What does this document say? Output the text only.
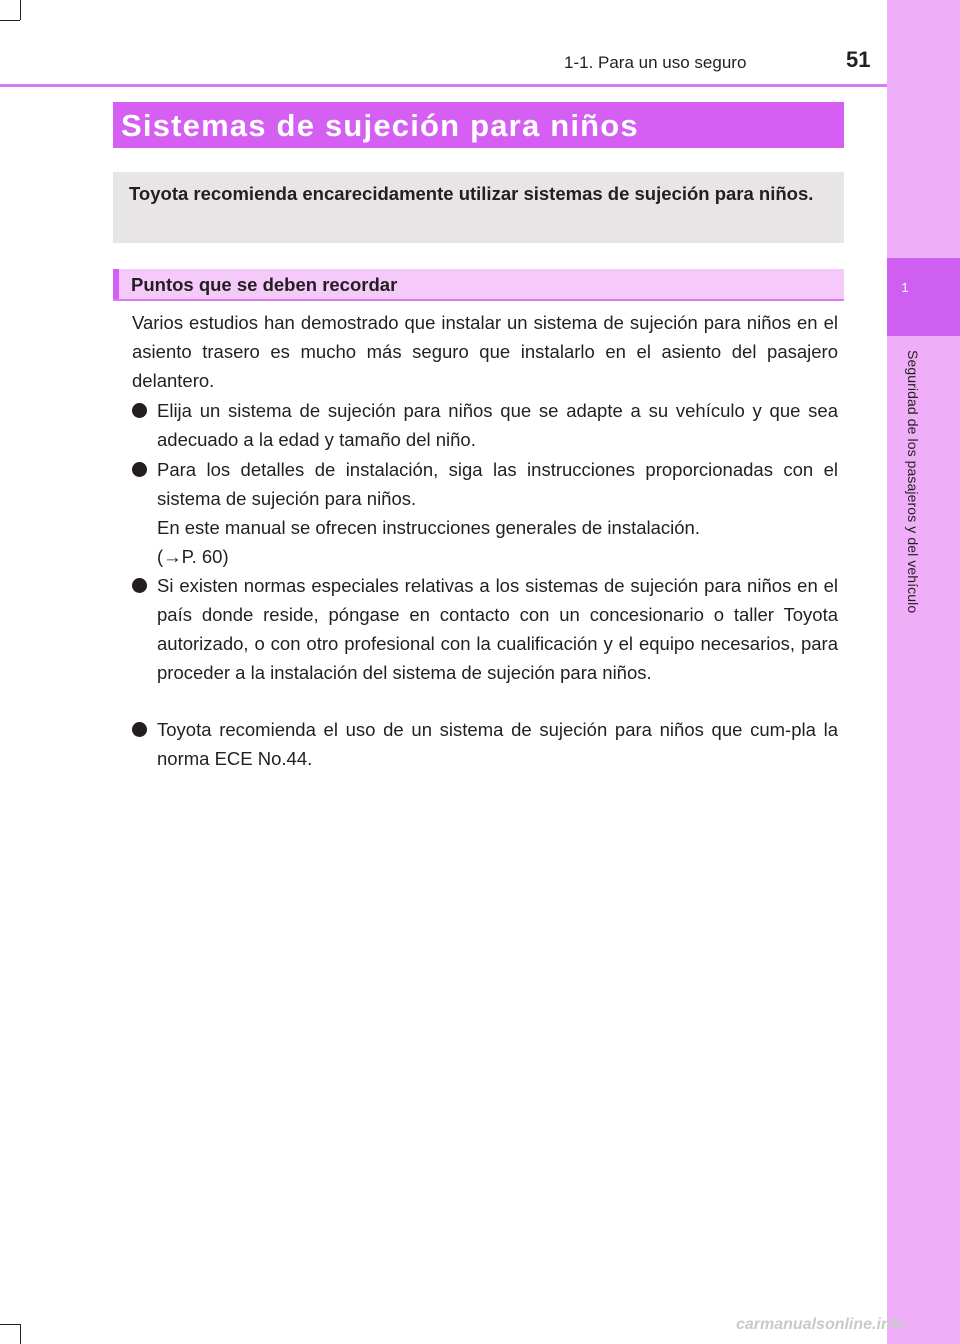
1
Seguridad de los pasajeros y del vehículo
1-1. Para un uso seguro	51
Sistemas de sujeción para niños
Toyota recomienda encarecidamente utilizar sistemas de sujeción para niños.
Puntos que se deben recordar
Varios estudios han demostrado que instalar un sistema de sujeción para niños en el asiento trasero es mucho más seguro que instalarlo en el asiento del pasajero delantero.
Elija un sistema de sujeción para niños que se adapte a su vehículo y que sea adecuado a la edad y tamaño del niño.
Para los detalles de instalación, siga las instrucciones proporcionadas con el sistema de sujeción para niños.
En este manual se ofrecen instrucciones generales de instalación.
(→P. 60)
Si existen normas especiales relativas a los sistemas de sujeción para niños en el país donde reside, póngase en contacto con un concesionario o taller Toyota autorizado, o con otro profesional con la cualificación y el equipo necesarios, para proceder a la instalación del sistema de sujeción para niños.
Toyota recomienda el uso de un sistema de sujeción para niños que cum-pla la norma ECE No.44.
carmanualsonline.info
